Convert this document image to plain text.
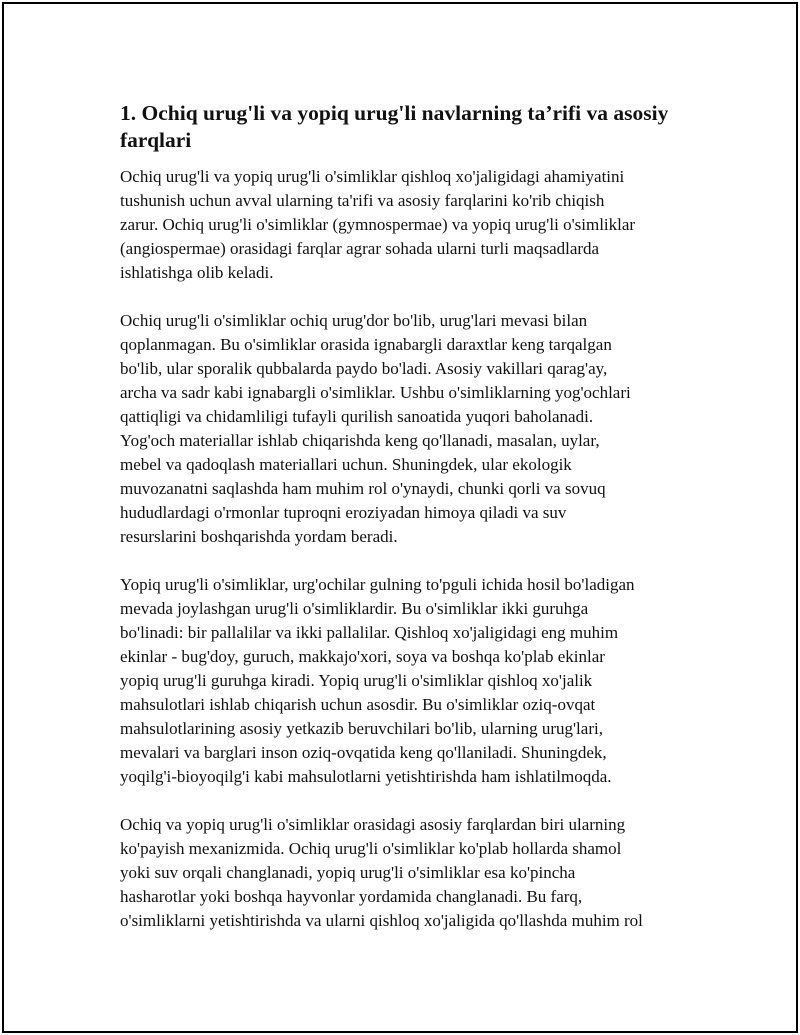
1. Ochiq urug'li va yopiq urug'li navlarning ta’rifi va asosiy
farqlari
Ochiq urug'li va yopiq urug'li o'simliklar qishloq xo'jaligidagi ahamiyatini
tushunish uchun avval ularning ta'rifi va asosiy farqlarini ko'rib chiqish
zarur. Ochiq urug'li o'simliklar (gymnospermae) va yopiq urug'li o'simliklar
(angiospermae) orasidagi farqlar agrar sohada ularni turli maqsadlarda
ishlatishga olib keladi.
Ochiq urug'li o'simliklar ochiq urug'dor bo'lib, urug'lari mevasi bilan
qoplanmagan. Bu o'simliklar orasida ignabargli daraxtlar keng tarqalgan
bo'lib, ular sporalik qubbalarda paydo bo'ladi. Asosiy vakillari qarag'ay,
archa va sadr kabi ignabargli o'simliklar. Ushbu o'simliklarning yog'ochlari
qattiqligi va chidamliligi tufayli qurilish sanoatida yuqori baholanadi.
Yog'och materiallar ishlab chiqarishda keng qo'llanadi, masalan, uylar,
mebel va qadoqlash materiallari uchun. Shuningdek, ular ekologik
muvozanatni saqlashda ham muhim rol o'ynaydi, chunki qorli va sovuq
hududlardagi o'rmonlar tuproqni eroziyadan himoya qiladi va suv
resurslarini boshqarishda yordam beradi.
Yopiq urug'li o'simliklar, urg'ochilar gulning to'pguli ichida hosil bo'ladigan
mevada joylashgan urug'li o'simliklardir. Bu o'simliklar ikki guruhga
bo'linadi: bir pallalilar va ikki pallalilar. Qishloq xo'jaligidagi eng muhim
ekinlar - bug'doy, guruch, makkajo'xori, soya va boshqa ko'plab ekinlar
yopiq urug'li guruhga kiradi. Yopiq urug'li o'simliklar qishloq xo'jalik
mahsulotlari ishlab chiqarish uchun asosdir. Bu o'simliklar oziq-ovqat
mahsulotlarining asosiy yetkazib beruvchilari bo'lib, ularning urug'lari,
mevalari va barglari inson oziq-ovqatida keng qo'llaniladi. Shuningdek,
yoqilg'i-bioyoqilg'i kabi mahsulotlarni yetishtirishda ham ishlatilmoqda.
Ochiq va yopiq urug'li o'simliklar orasidagi asosiy farqlardan biri ularning
ko'payish mexanizmida. Ochiq urug'li o'simliklar ko'plab hollarda shamol
yoki suv orqali changlanadi, yopiq urug'li o'simliklar esa ko'pincha
hasharotlar yoki boshqa hayvonlar yordamida changlanadi. Bu farq,
o'simliklarni yetishtirishda va ularni qishloq xo'jaligida qo'llashda muhim rol
